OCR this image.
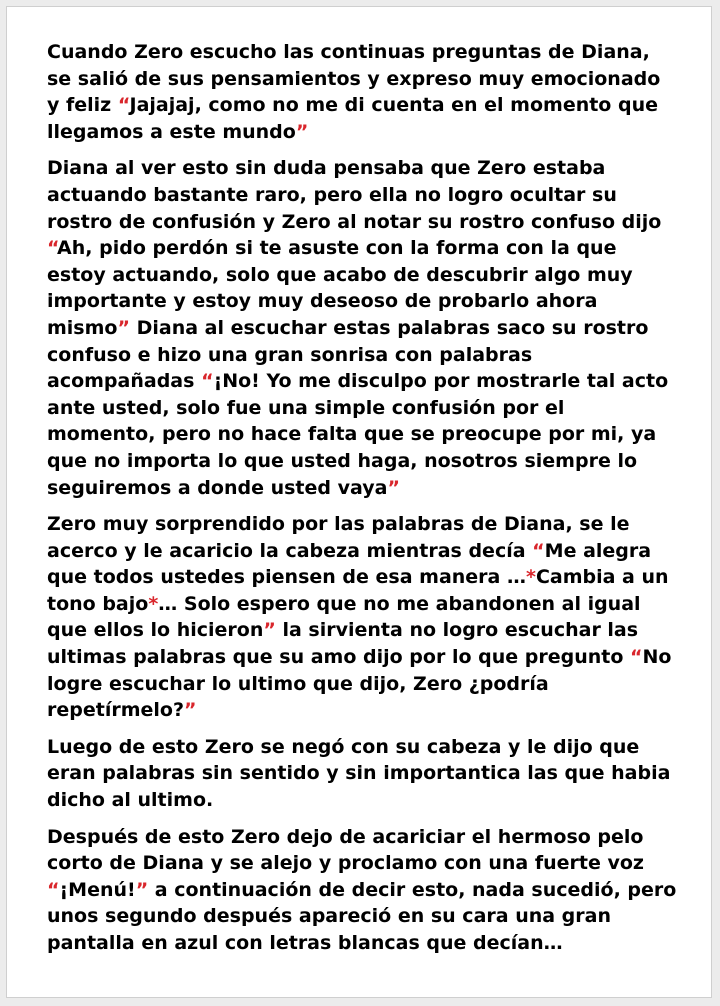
Cuando Zero escucho las continuas preguntas de Diana, se salió de sus pensamientos y expreso muy emocionado y feliz “Jajajaj, como no me di cuenta en el momento que llegamos a este mundo”

Diana al ver esto sin duda pensaba que Zero estaba actuando bastante raro, pero ella no logro ocultar su rostro de confusión y Zero al notar su rostro confuso dijo “Ah, pido perdón si te asuste con la forma con la que estoy actuando, solo que acabo de descubrir algo muy importante y estoy muy deseoso de probarlo ahora mismo” Diana al escuchar estas palabras saco su rostro confuso e hizo una gran sonrisa con palabras acompañadas “¡No! Yo me disculpo por mostrarle tal acto ante usted, solo fue una simple confusión por el momento, pero no hace falta que se preocupe por mi, ya que no importa lo que usted haga, nosotros siempre lo seguiremos a donde usted vaya”

Zero muy sorprendido por las palabras de Diana, se le acerco y le acaricio la cabeza mientras decía “Me alegra que todos ustedes piensen de esa manera …*Cambia a un tono bajo*… Solo espero que no me abandonen al igual que ellos lo hicieron” la sirvienta no logro escuchar las ultimas palabras que su amo dijo por lo que pregunto “No logre escuchar lo ultimo que dijo, Zero ¿podría repetírmelo?”

Luego de esto Zero se negó con su cabeza y le dijo que eran palabras sin sentido y sin importantica las que habia dicho al ultimo.

Después de esto Zero dejo de acariciar el hermoso pelo corto de Diana y se alejo y proclamo con una fuerte voz “¡Menú!” a continuación de decir esto, nada sucedió, pero unos segundo después apareció en su cara una gran pantalla en azul con letras blancas que decían…
